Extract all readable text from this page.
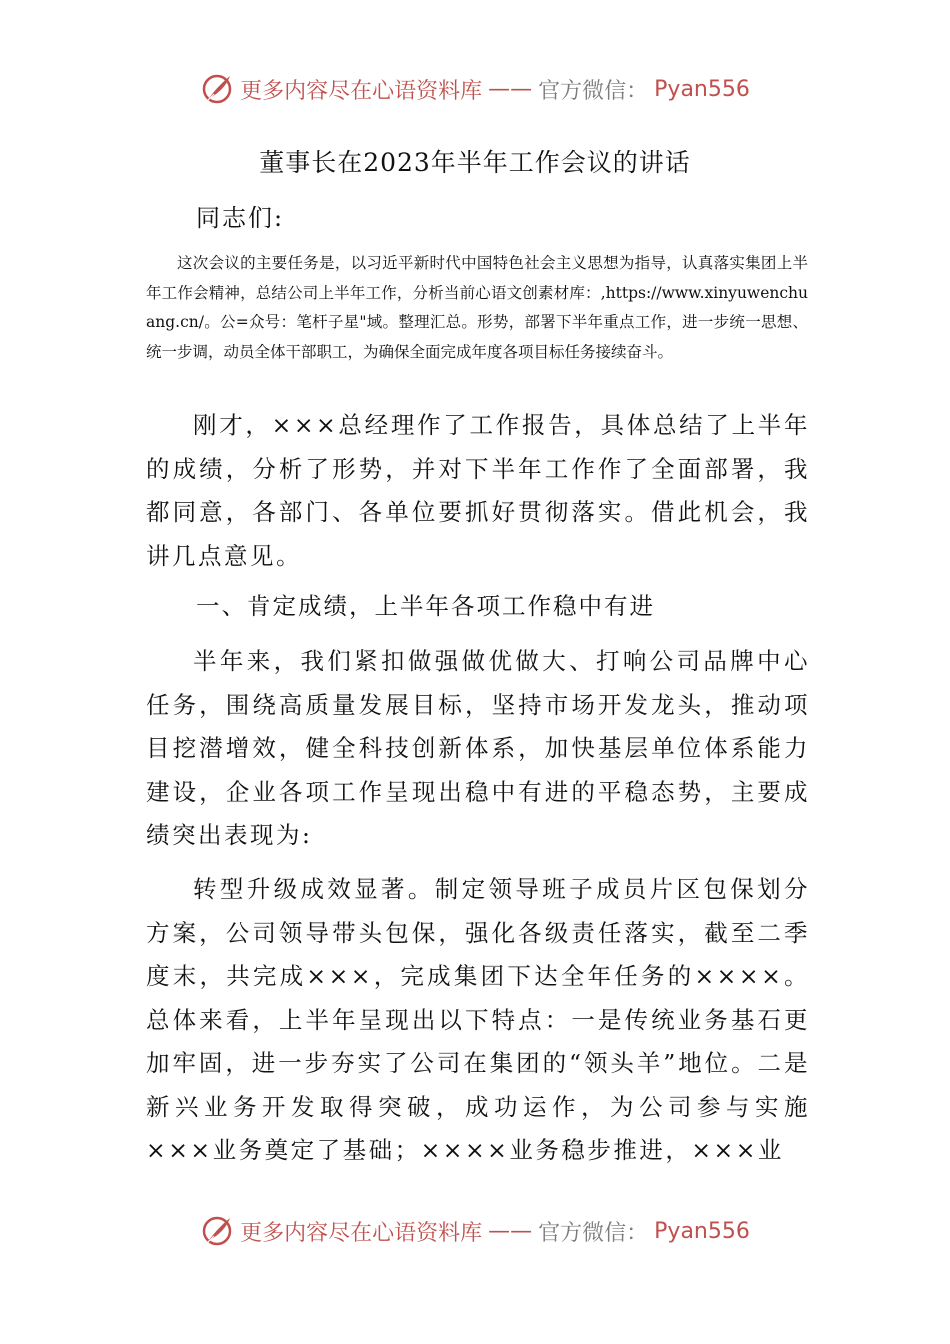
更多内容尽在心语资料库 —— 官方微信： Pyan556
董事长在2023年半年工作会议的讲话
同志们:
这次会议的主要任务是，以习近平新时代中国特色社会主义思想为指导，认真落实集团上半年工作会精神，总结公司上半年工作，分析当前心语文创素材库：,https://www.xinyuwenchuang.cn/。公=众号：笔杆子星"域。整理汇总。形势，部署下半年重点工作，进一步统一思想、统一步调，动员全体干部职工，为确保全面完成年度各项目标任务接续奋斗。

刚才，×××总经理作了工作报告，具体总结了上半年的成绩，分析了形势，并对下半年工作作了全面部署，我都同意，各部门、各单位要抓好贯彻落实。借此机会，我讲几点意见。

一、肯定成绩，上半年各项工作稳中有进

半年来，我们紧扣做强做优做大、打响公司品牌中心任务，围绕高质量发展目标，坚持市场开发龙头，推动项目挖潜增效，健全科技创新体系，加快基层单位体系能力建设，企业各项工作呈现出稳中有进的平稳态势，主要成绩突出表现为:

转型升级成效显著。制定领导班子成员片区包保划分方案，公司领导带头包保，强化各级责任落实，截至二季度末，共完成×××，完成集团下达全年任务的××××。总体来看，上半年呈现出以下特点：一是传统业务基石更加牢固，进一步夯实了公司在集团的“领头羊”地位。二是新兴业务开发取得突破，成功运作，为公司参与实施×××业务奠定了基础；××××业务稳步推进，×××业

更多内容尽在心语资料库 —— 官方微信： Pyan556
